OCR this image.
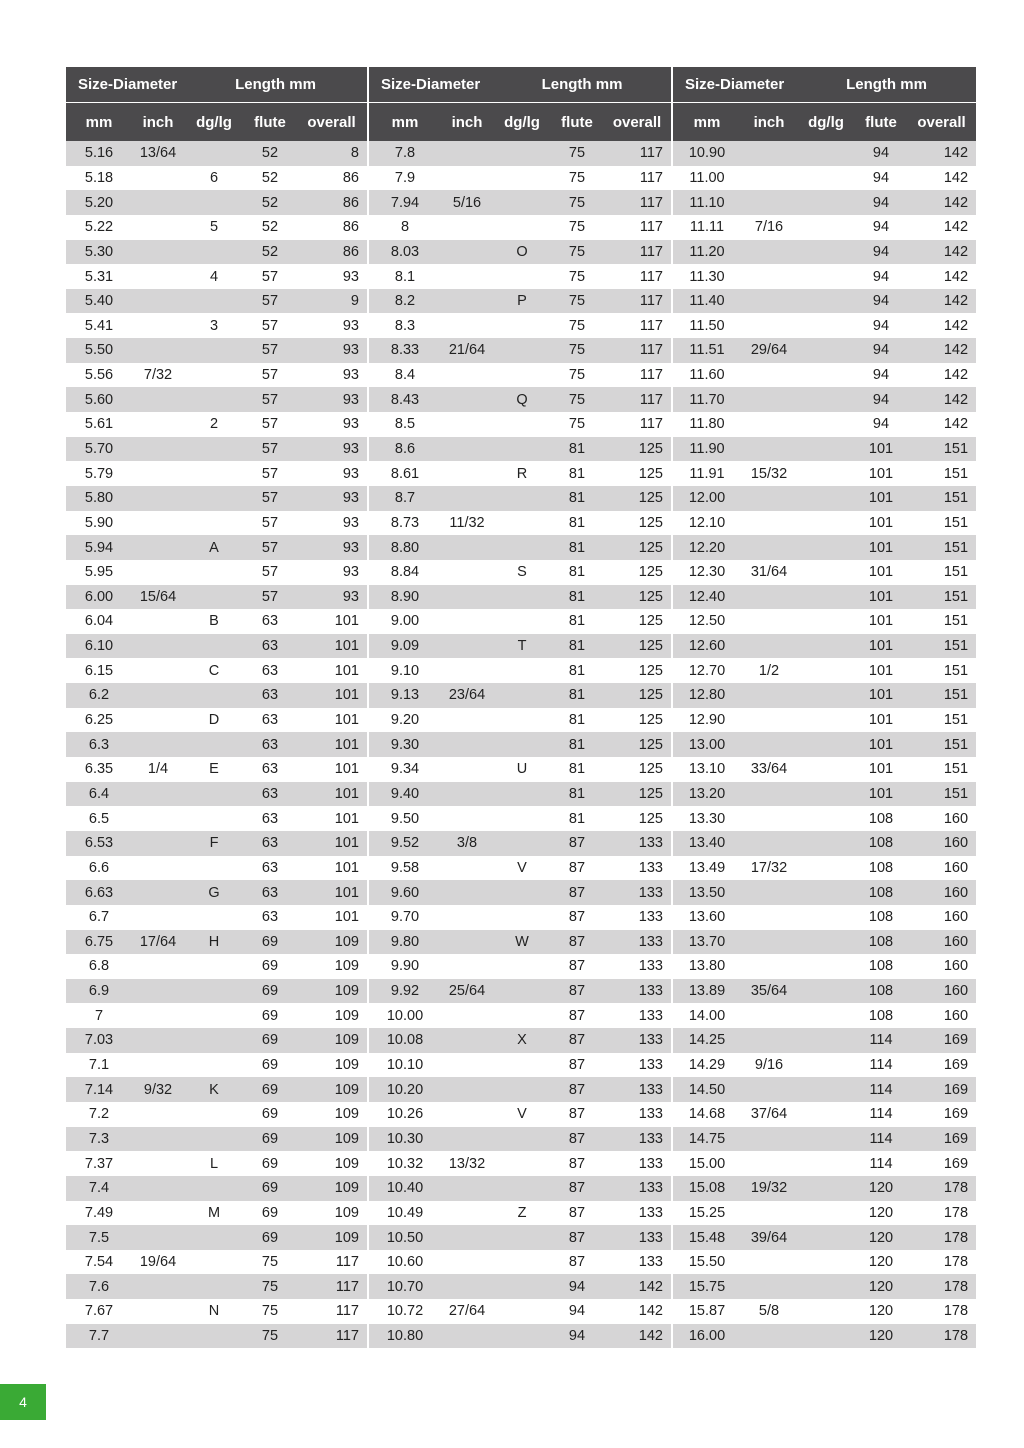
Size-Diameter		Length mm		
mm	inch	dg/lg	flute	overall
5.16	13/64		52	8
5.18		6	52	86
5.20			52	86
5.22		5	52	86
5.30			52	86
5.31		4	57	93
5.40			57	9
5.41		3	57	93
5.50			57	93
5.56	7/32		57	93
5.60			57	93
5.61		2	57	93
5.70			57	93
5.79			57	93
5.80			57	93
5.90			57	93
5.94		A	57	93
5.95			57	93
6.00	15/64		57	93
6.04		B	63	101
6.10			63	101
6.15		C	63	101
6.2			63	101
6.25		D	63	101
6.3			63	101
6.35	1/4	E	63	101
6.4			63	101
6.5			63	101
6.53		F	63	101
6.6			63	101
6.63		G	63	101
6.7			63	101
6.75	17/64	H	69	109
6.8			69	109
6.9			69	109
7			69	109
7.03			69	109
7.1			69	109
7.14	9/32	K	69	109
7.2			69	109
7.3			69	109
7.37		L	69	109
7.4			69	109
7.49		M	69	109
7.5			69	109
7.54	19/64		75	117
7.6			75	117
7.67		N	75	117
7.7			75	117
Size-Diameter		Length mm		
mm	inch	dg/lg	flute	overall
7.8			75	117
7.9			75	117
7.94	5/16		75	117
8			75	117
8.03		O	75	117
8.1			75	117
8.2		P	75	117
8.3			75	117
8.33	21/64		75	117
8.4			75	117
8.43		Q	75	117
8.5			75	117
8.6			81	125
8.61		R	81	125
8.7			81	125
8.73	11/32		81	125
8.80			81	125
8.84		S	81	125
8.90			81	125
9.00			81	125
9.09		T	81	125
9.10			81	125
9.13	23/64		81	125
9.20			81	125
9.30			81	125
9.34		U	81	125
9.40			81	125
9.50			81	125
9.52	3/8		87	133
9.58		V	87	133
9.60			87	133
9.70			87	133
9.80		W	87	133
9.90			87	133
9.92	25/64		87	133
10.00			87	133
10.08		X	87	133
10.10			87	133
10.20			87	133
10.26		V	87	133
10.30			87	133
10.32	13/32		87	133
10.40			87	133
10.49		Z	87	133
10.50			87	133
10.60			87	133
10.70			94	142
10.72	27/64		94	142
10.80			94	142
Size-Diameter		Length mm		
mm	inch	dg/lg	flute	overall
10.90			94	142
11.00			94	142
11.10			94	142
11.11	7/16		94	142
11.20			94	142
11.30			94	142
11.40			94	142
11.50			94	142
11.51	29/64		94	142
11.60			94	142
11.70			94	142
11.80			94	142
11.90			101	151
11.91	15/32		101	151
12.00			101	151
12.10			101	151
12.20			101	151
12.30	31/64		101	151
12.40			101	151
12.50			101	151
12.60			101	151
12.70	1/2		101	151
12.80			101	151
12.90			101	151
13.00			101	151
13.10	33/64		101	151
13.20			101	151
13.30			108	160
13.40			108	160
13.49	17/32		108	160
13.50			108	160
13.60			108	160
13.70			108	160
13.80			108	160
13.89	35/64		108	160
14.00			108	160
14.25			114	169
14.29	9/16		114	169
14.50			114	169
14.68	37/64		114	169
14.75			114	169
15.00			114	169
15.08	19/32		120	178
15.25			120	178
15.48	39/64		120	178
15.50			120	178
15.75			120	178
15.87	5/8		120	178
16.00			120	178
4
